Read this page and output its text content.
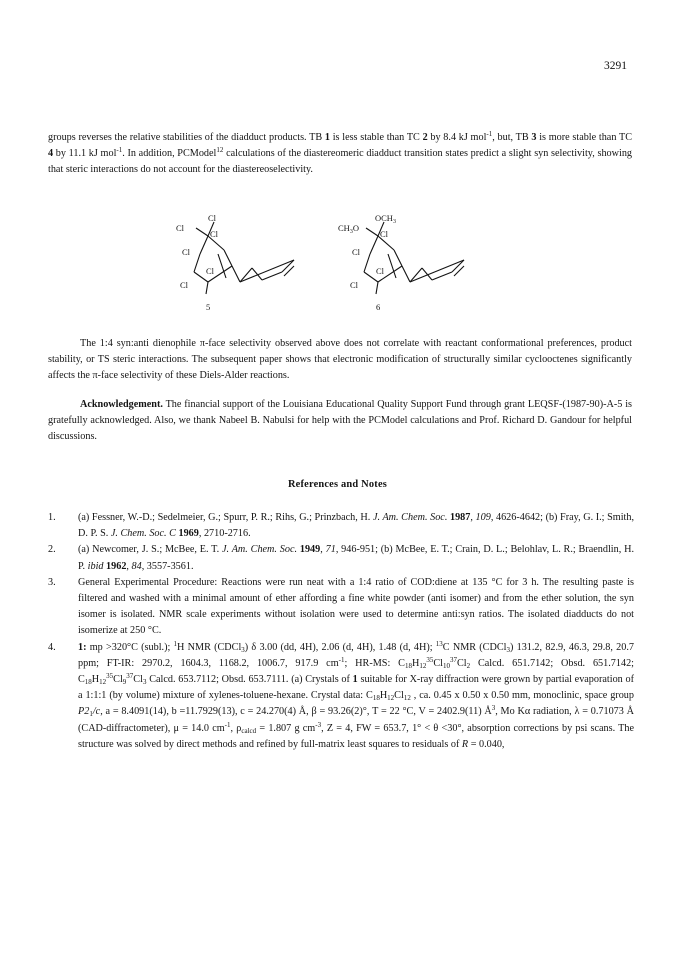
3291

groups reverses the relative stabilities of the diadduct products. TB 1 is less stable than TC 2 by 8.4 kJ mol$^{-1}$, but, TB 3 is more stable than TC 4 by 11.1 kJ mol$^{-1}$. In addition, PCModel$^{12}$ calculations of the diastereomeric diadduct transition states predict a slight syn selectivity, showing that steric interactions do not account for the diastereoselectivity.

Cl
Cl
Cl
Cl
Cl
Cl
5
$OCH_3$
$CH_3O$
Cl
Cl
Cl
Cl
6

The 1:4 syn:anti dienophile π-face selectivity observed above does not correlate with reactant conformational preferences, product stability, or TS steric interactions. The subsequent paper shows that electronic modification of structurally similar cyclooctenes significantly affects the π-face selectivity of these Diels-Alder reactions.

Acknowledgement. The financial support of the Louisiana Educational Quality Support Fund through grant LEQSF-(1987-90)-A-5 is gratefully acknowledged. Also, we thank Nabeel B. Nabulsi for help with the PCModel calculations and Prof. Richard D. Gandour for helpful discussions.

References and Notes

1. (a) Fessner, W.-D.; Sedelmeier, G.; Spurr, P. R.; Rihs, G.; Prinzbach, H. J. Am. Chem. Soc. 1987, 109, 4626-4642; (b) Fray, G. I.; Smith, D. P. S. J. Chem. Soc. C 1969, 2710-2716.

2. (a) Newcomer, J. S.; McBee, E. T. J. Am. Chem. Soc. 1949, 71, 946-951; (b) McBee, E. T.; Crain, D. L.; Belohlav, L. R.; Braendlin, H. P. ibid 1962, 84, 3557-3561.

3. General Experimental Procedure: Reactions were run neat with a 1:4 ratio of COD:diene at 135 °C for 3 h. The resulting paste is filtered and washed with a minimal amount of ether affording a fine white powder (anti isomer) and from the ether solution, the syn isomer is isolated. NMR scale experiments without isolation were used to determine anti:syn ratios. The isolated diadducts do not isomerize at 250 °C.

4. 1: mp >320°C (subl.); $^1$H NMR (CDCl$_3$) δ 3.00 (dd, 4H), 2.06 (d, 4H), 1.48 (d, 4H); $^{13}$C NMR (CDCl$_3$) 131.2, 82.9, 46.3, 29.8, 20.7 ppm; FT-IR: 2970.2, 1604.3, 1168.2, 1006.7, 917.9 $cm^{-1}$; HR-MS: $C_{18}H_{12}^{35}Cl_{10}^{37}Cl_2$ Calcd. 651.7142; Obsd. 651.7142; $C_{18}H_{12}^{35}Cl_9^{37}Cl_3$ Calcd. 653.7112; Obsd. 653.7111. (a) Crystals of 1 suitable for X-ray diffraction were grown by partial evaporation of a 1:1:1 (by volume) mixture of xylenes-toluene-hexane. Crystal data: $C_{18}H_{12}Cl_{12}$ , ca. 0.45 x 0.50 x 0.50 mm, monoclinic, space group $P2_1/c$, a = 8.4091(14), b =11.7929(13), c = 24.270(4) Å, β = 93.26(2)°, T = 22 °C, V = 2402.9(11) $Å^3$, Mo Kα radiation, λ = 0.71073 Å (CAD-diffractometer), μ = 14.0 $cm^{-1}$, $\rho_{calcd} = 1.807$ g $cm^{-3}$, Z = 4, FW = 653.7, 1° < θ <30°, absorption corrections by psi scans. The structure was solved by direct methods and refined by full-matrix least squares to residuals of R = 0.040,
